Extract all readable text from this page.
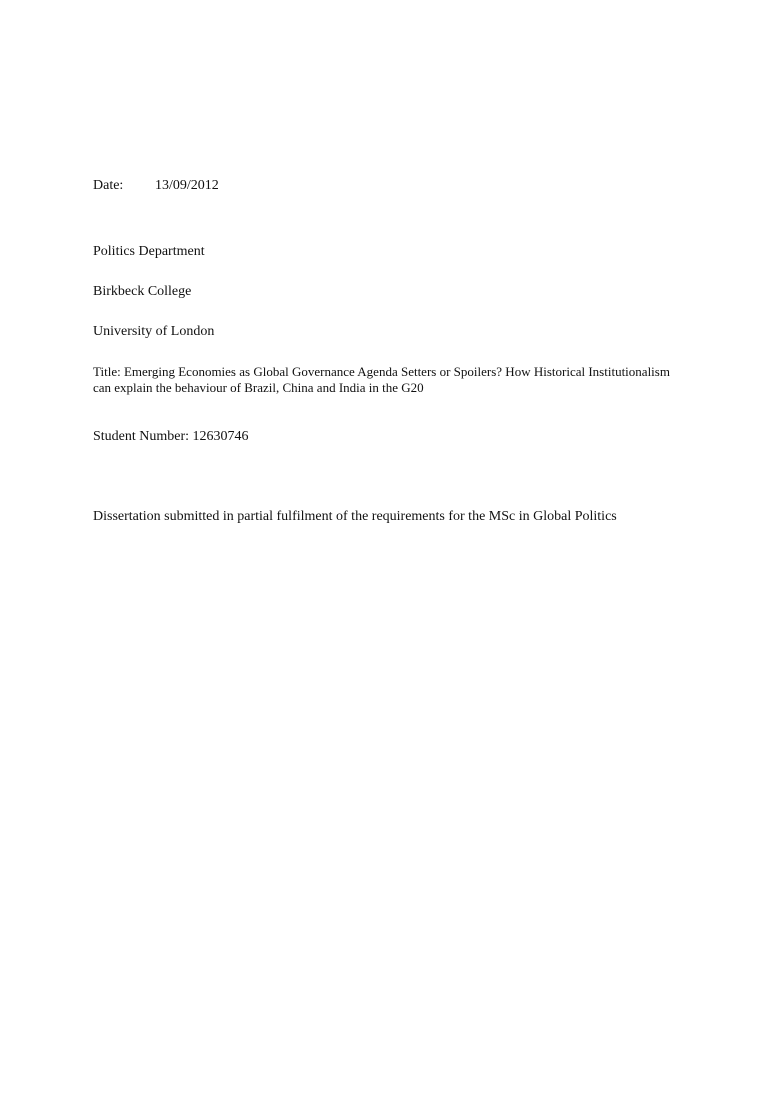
Date: 13/09/2012
Politics Department
Birkbeck College
University of London
Title: Emerging Economies as Global Governance Agenda Setters or Spoilers? How Historical Institutionalism can explain the behaviour of Brazil, China and India in the G20
Student Number: 12630746
Dissertation submitted in partial fulfilment of the requirements for the MSc in Global Politics
